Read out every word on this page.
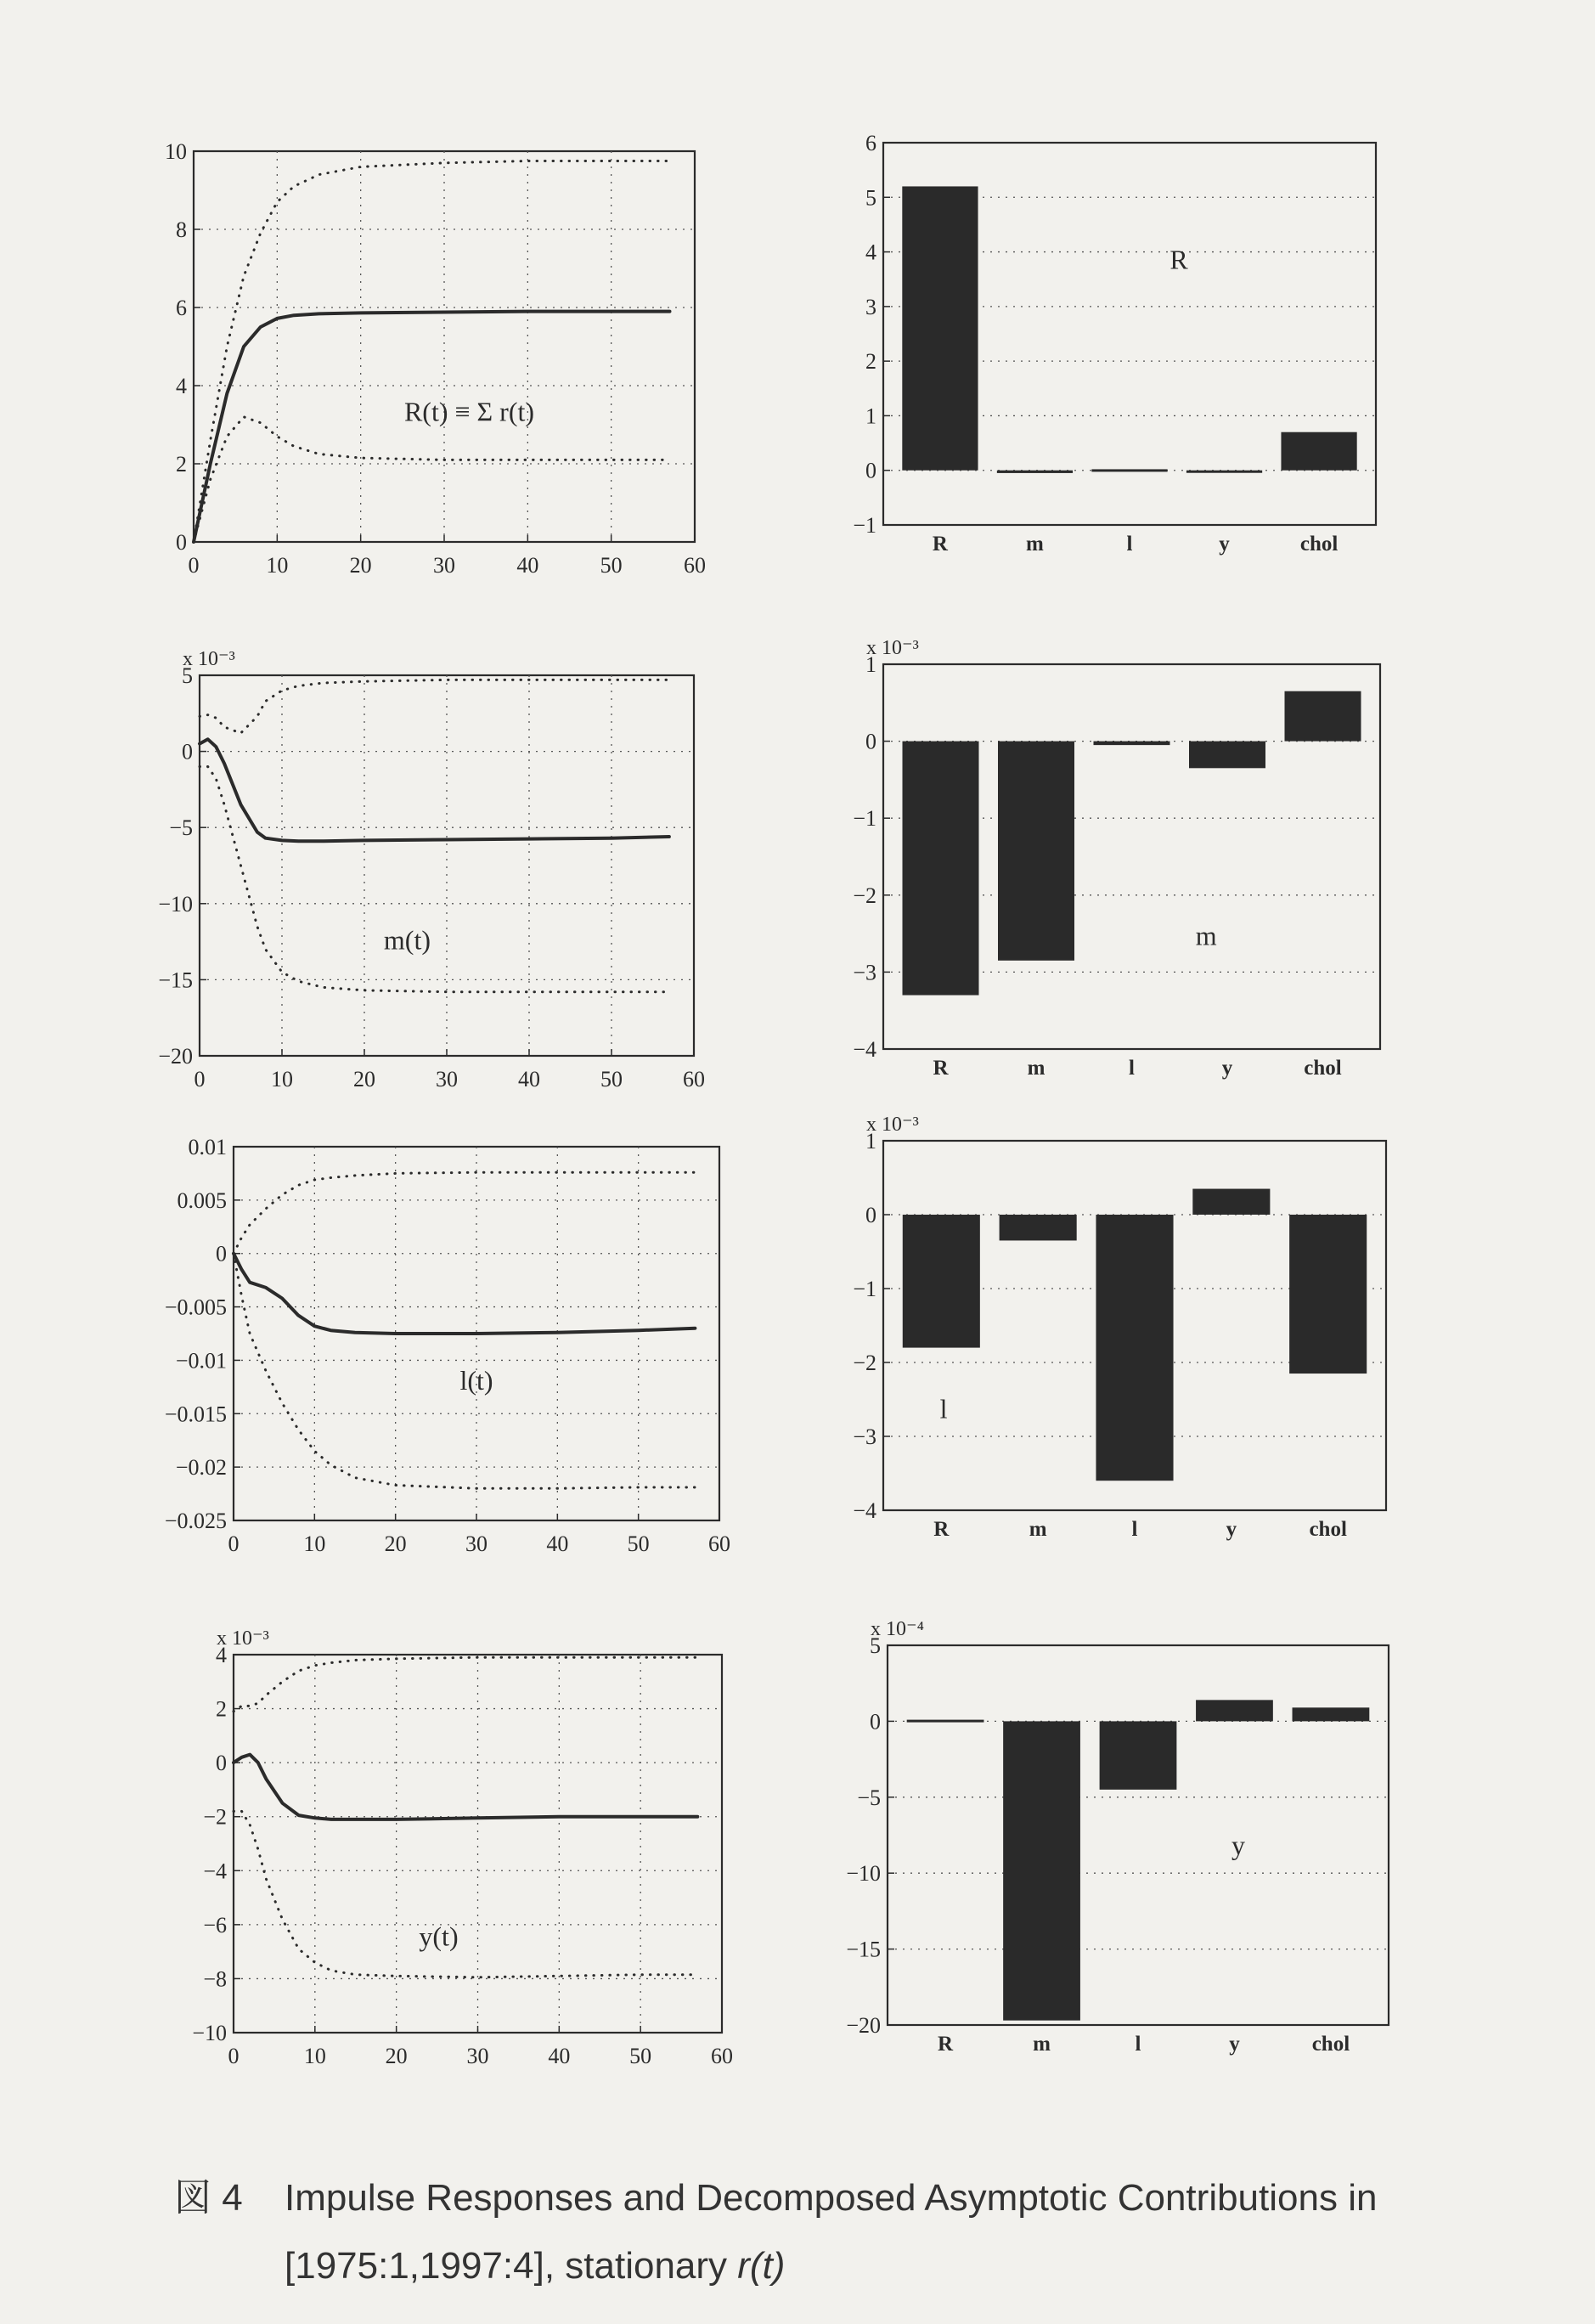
0
2
4
6
8
10
0	10	20	30	40	50	60
R(t) ≡ Σ r(t)
−1
0
1
2
3
4
5
6
R	m	l	y	chol
R
−20
−15
−10
−5
0
5
0	10	20	30	40	50	60
x 10⁻³
m(t)
−4
−3
−2
−1
0
1
R	m	l	y	chol
x 10⁻³
m
−0.025
−0.02
−0.015
−0.01
−0.005
0
0.005
0.01
0	10	20	30	40	50	60
l(t)
−4
−3
−2
−1
0
1
R	m	l	y	chol
x 10⁻³
l
−10
−8
−6
−4
−2
0
2
4
0	10	20	30	40	50	60
x 10⁻³
y(t)
−20
−15
−10
−5
0
5
R	m	l	y	chol
x 10⁻⁴
y
図 4 Impulse Responses and Decomposed Asymptotic Contributions in
[1975:1,1997:4], stationary r(t)
